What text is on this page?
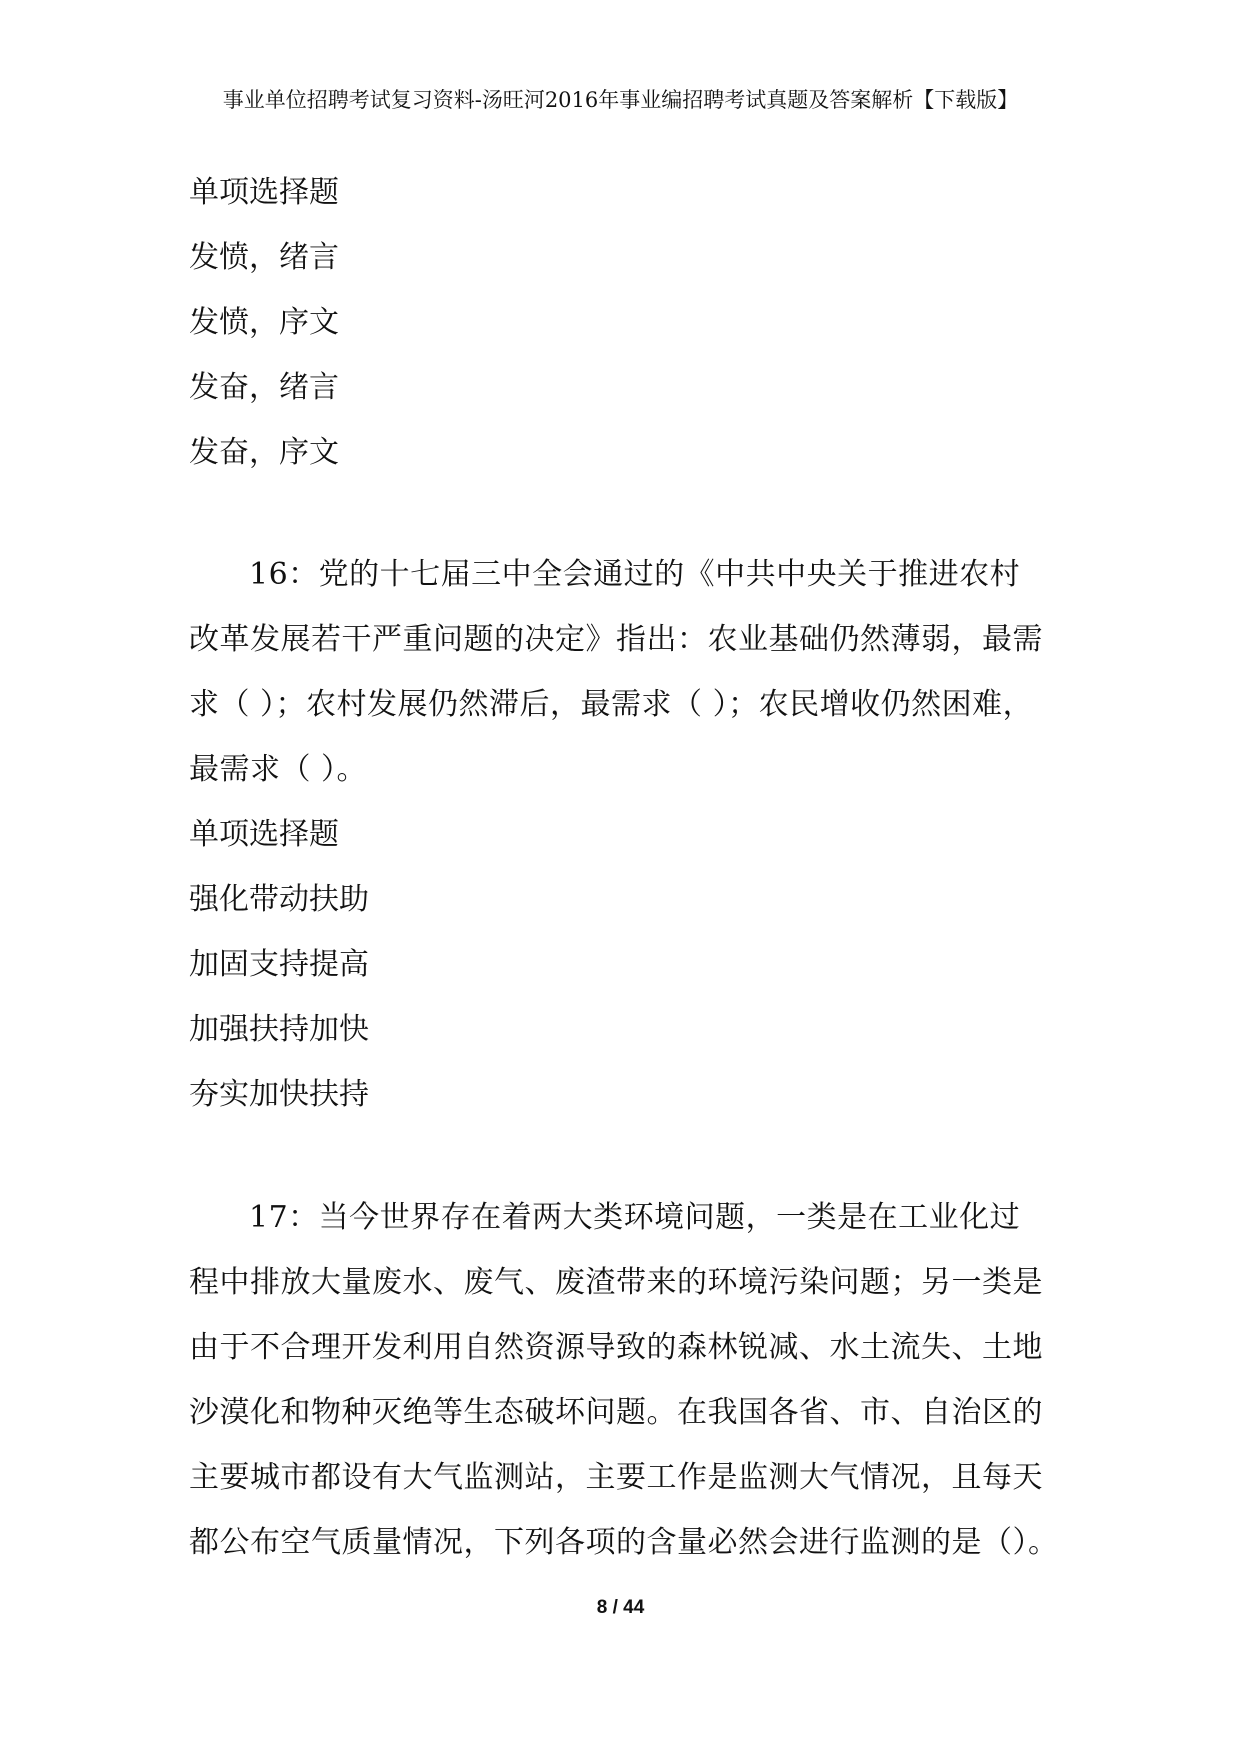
事业单位招聘考试复习资料-汤旺河2016年事业编招聘考试真题及答案解析【下载版】
单项选择题
发愤，绪言
发愤，序文
发奋，绪言
发奋，序文
16：党的十七届三中全会通过的《中共中央关于推进农村
改革发展若干严重问题的决定》指出：农业基础仍然薄弱，最需
求（ ）；农村发展仍然滞后，最需求（ ）；农民增收仍然困难，
最需求（ ）。
单项选择题
强化带动扶助
加固支持提高
加强扶持加快
夯实加快扶持
17：当今世界存在着两大类环境问题，一类是在工业化过
程中排放大量废水、废气、废渣带来的环境污染问题；另一类是
由于不合理开发利用自然资源导致的森林锐减、水土流失、土地
沙漠化和物种灭绝等生态破坏问题。在我国各省、市、自治区的
主要城市都设有大气监测站，主要工作是监测大气情况，且每天
都公布空气质量情况，下列各项的含量必然会进行监测的是（）。
8 / 44
